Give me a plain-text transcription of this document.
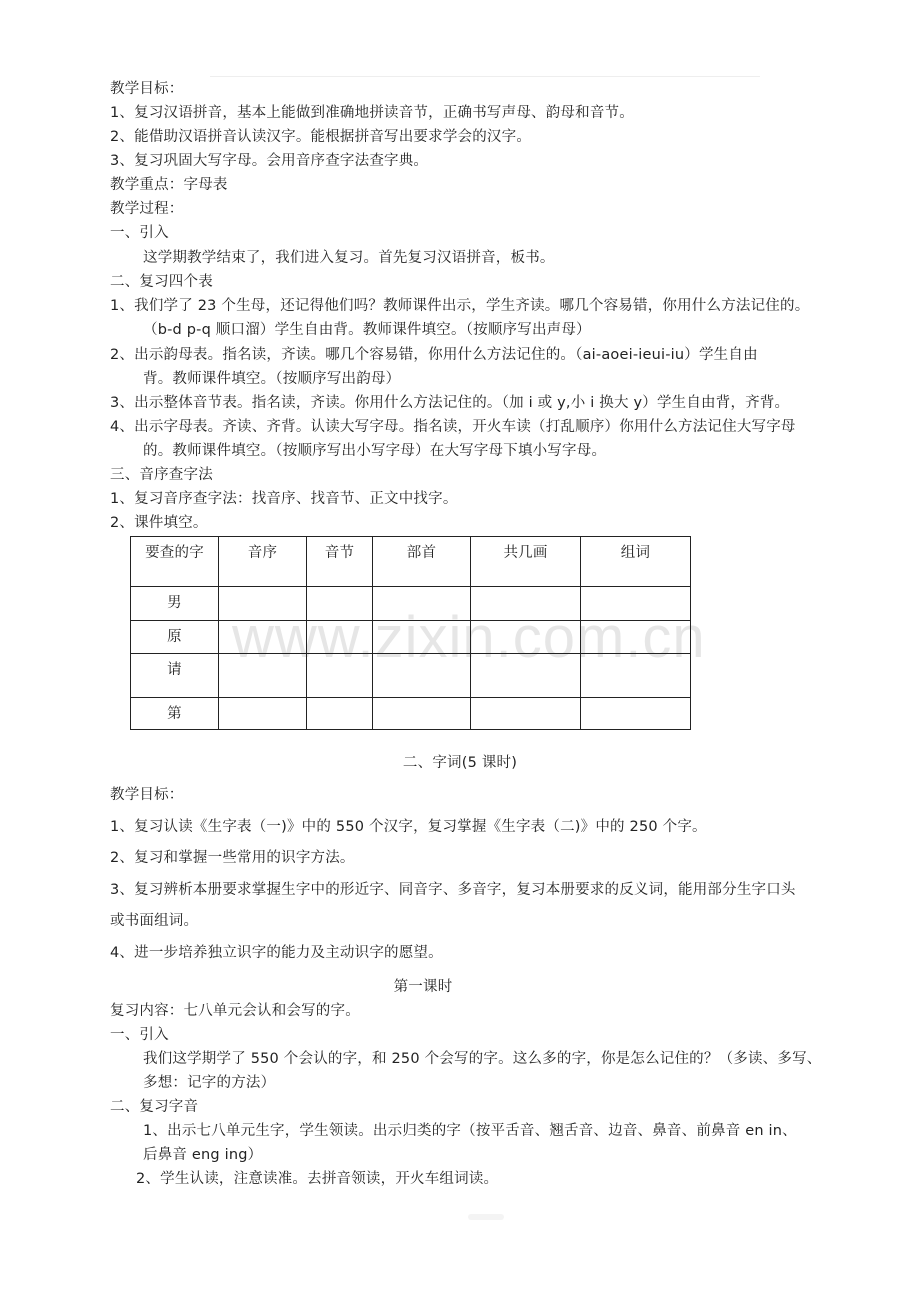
www.zixin.com.cn
教学目标：
1、复习汉语拼音，基本上能做到准确地拼读音节，正确书写声母、韵母和音节。
2、能借助汉语拼音认读汉字。能根据拼音写出要求学会的汉字。
3、复习巩固大写字母。会用音序查字法查字典。
教学重点：字母表
教学过程：
一、引入
这学期教学结束了，我们进入复习。首先复习汉语拼音，板书。
二、复习四个表
1、我们学了 23 个生母，还记得他们吗？教师课件出示，学生齐读。哪几个容易错，你用什么方法记住的。
（b-d p-q 顺口溜）学生自由背。教师课件填空。（按顺序写出声母）
2、出示韵母表。指名读，齐读。哪几个容易错，你用什么方法记住的。（ai-aoei-ieui-iu）学生自由
背。教师课件填空。（按顺序写出韵母）
3、出示整体音节表。指名读，齐读。你用什么方法记住的。（加 i 或 y,小 i 换大 y）学生自由背，齐背。
4、出示字母表。齐读、齐背。认读大写字母。指名读，开火车读（打乱顺序）你用什么方法记住大写字母
的。教师课件填空。（按顺序写出小写字母）在大写字母下填小写字母。
三、音序查字法
1、复习音序查字法：找音序、找音节、正文中找字。
2、课件填空。
要查的字	音序	音节	部首	共几画	组词
男					
原					
请					
第					
二、字词(5 课时)
教学目标：
1、复习认读《生字表（一)》中的 550 个汉字，复习掌握《生字表（二)》中的 250 个字。
2、复习和掌握一些常用的识字方法。
3、复习辨析本册要求掌握生字中的形近字、同音字、多音字，复习本册要求的反义词，能用部分生字口头
或书面组词。
4、进一步培养独立识字的能力及主动识字的愿望。
第一课时
复习内容：七八单元会认和会写的字。
一、引入
我们这学期学了 550 个会认的字，和 250 个会写的字。这么多的字，你是怎么记住的？（多读、多写、
多想：记字的方法）
二、复习字音
1、出示七八单元生字，学生领读。出示归类的字（按平舌音、翘舌音、边音、鼻音、前鼻音 en in、
后鼻音 eng ing）
2、学生认读，注意读准。去拼音领读，开火车组词读。
